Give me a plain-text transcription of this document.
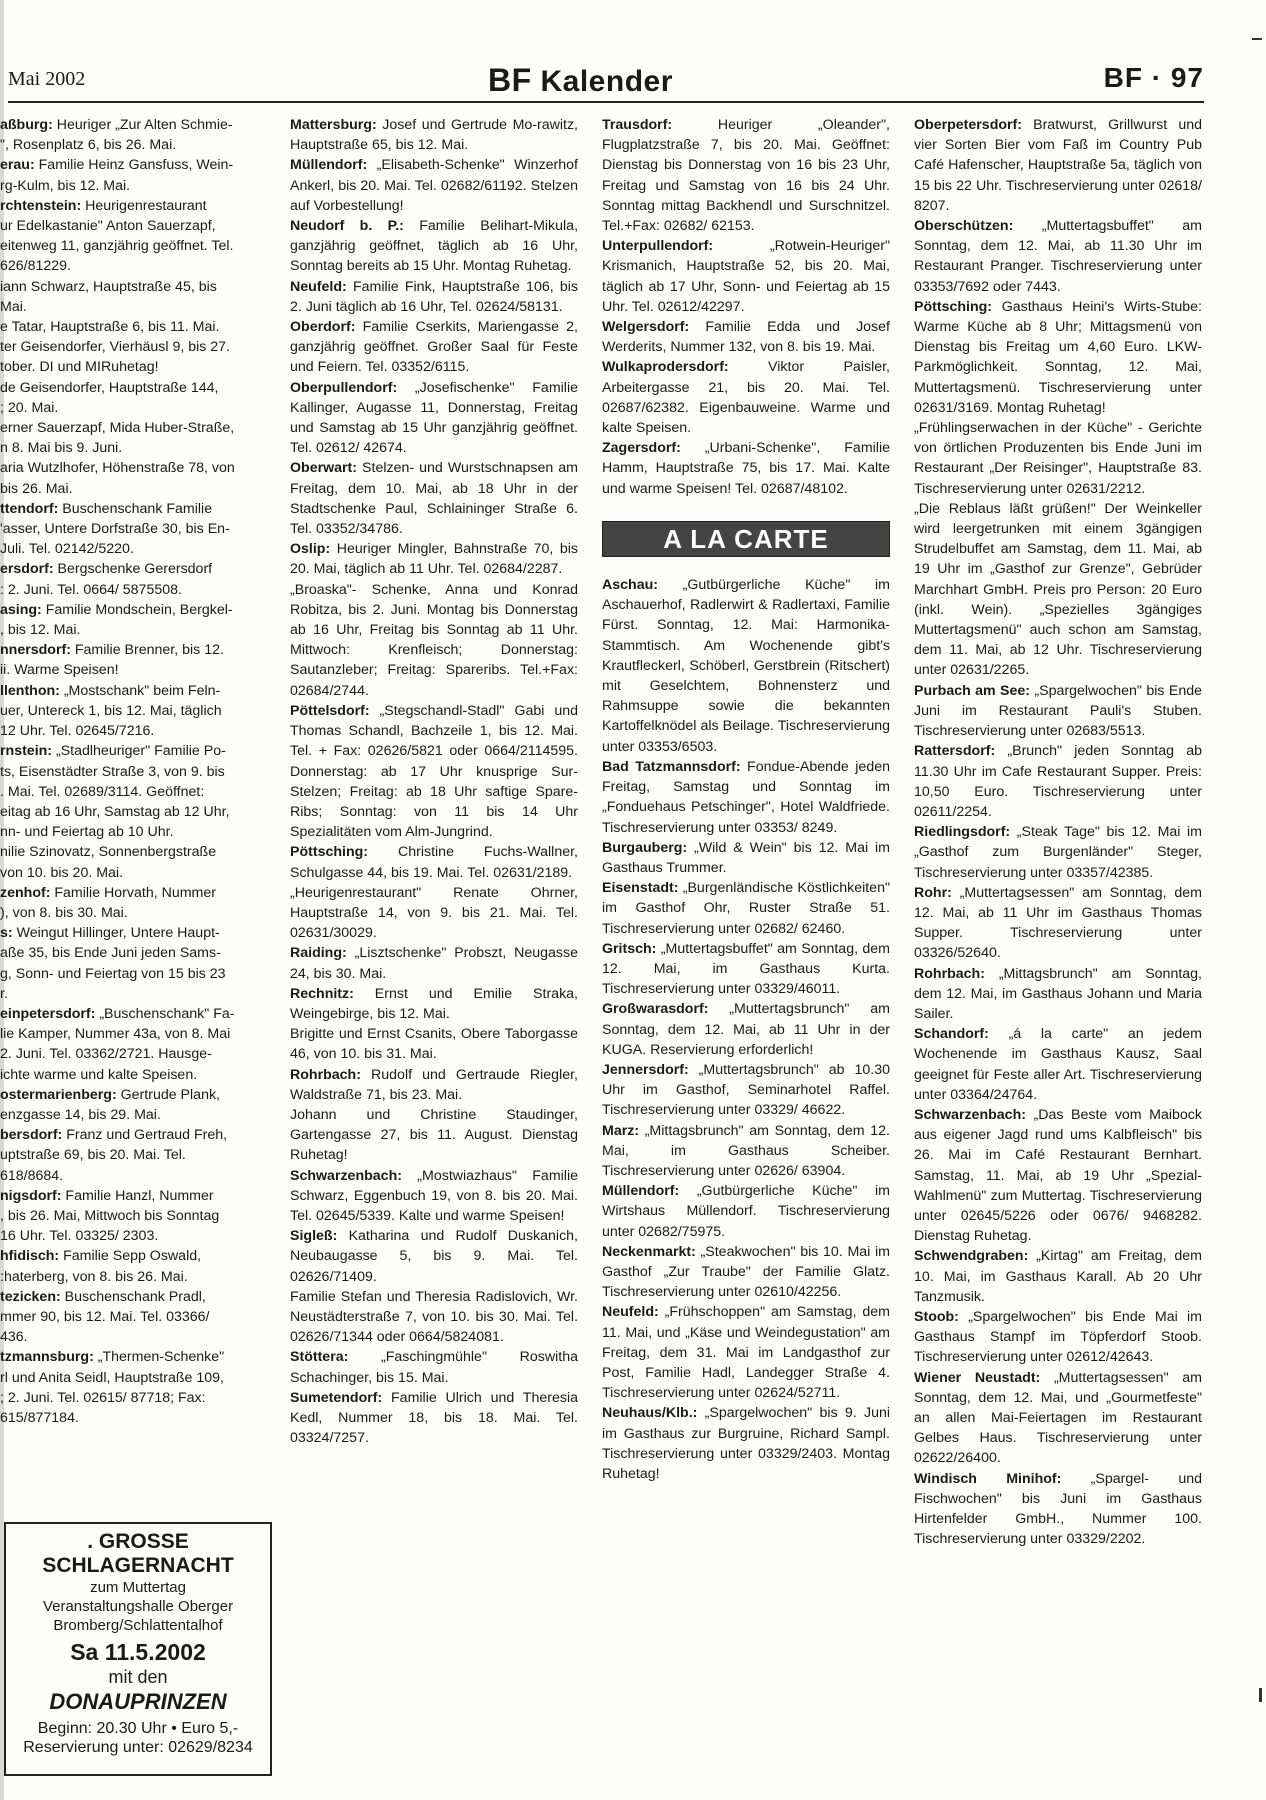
Mai 2002	BF Kalender	BF · 97

aßburg: Heuriger „Zur Alten Schmie-

", Rosenplatz 6, bis 26. Mai.

erau: Familie Heinz Gansfuss, Wein-

rg-Kulm, bis 12. Mai.

rchtenstein: Heurigenrestaurant

ur Edelkastanie" Anton Sauerzapf,

eitenweg 11, ganzjährig geöffnet. Tel.

626/81229.

iann Schwarz, Hauptstraße 45, bis

Mai.

e Tatar, Hauptstraße 6, bis 11. Mai.

ter Geisendorfer, Vierhäusl 9, bis 27.

tober. DI und MIRuhetag!

de Geisendorfer, Hauptstraße 144,

; 20. Mai.

erner Sauerzapf, Mida Huber-Straße,

n 8. Mai bis 9. Juni.

aria Wutzlhofer, Höhenstraße 78, von

bis 26. Mai.

ttendorf: Buschenschank Familie

'asser, Untere Dorfstraße 30, bis En-

Juli. Tel. 02142/5220.

ersdorf: Bergschenke Gerersdorf

: 2. Juni. Tel. 0664/ 5875508.

asing: Familie Mondschein, Bergkel-

, bis 12. Mai.

nnersdorf: Familie Brenner, bis 12.

ii. Warme Speisen!

llenthon: „Mostschank" beim Feln-

uer, Untereck 1, bis 12. Mai, täglich

12 Uhr. Tel. 02645/7216.

rnstein: „Stadlheuriger" Familie Po-

ts, Eisenstädter Straße 3, von 9. bis

. Mai. Tel. 02689/3114. Geöffnet:

eitag ab 16 Uhr, Samstag ab 12 Uhr,

nn- und Feiertag ab 10 Uhr.

nilie Szinovatz, Sonnenbergstraße

von 10. bis 20. Mai.

zenhof: Familie Horvath, Nummer

), von 8. bis 30. Mai.

s: Weingut Hillinger, Untere Haupt-

aße 35, bis Ende Juni jeden Sams-

g, Sonn- und Feiertag von 15 bis 23

r.

einpetersdorf: „Buschenschank" Fa-

lie Kamper, Nummer 43a, von 8. Mai

2. Juni. Tel. 03362/2721. Hausge-

ichte warme und kalte Speisen.

ostermarienberg: Gertrude Plank,

enzgasse 14, bis 29. Mai.

bersdorf: Franz und Gertraud Freh,

uptstraße 69, bis 20. Mai. Tel.

618/8684.

nigsdorf: Familie Hanzl, Nummer

, bis 26. Mai, Mittwoch bis Sonntag

16 Uhr. Tel. 03325/ 2303.

hfidisch: Familie Sepp Oswald,

:haterberg, von 8. bis 26. Mai.

tezicken: Buschenschank Pradl,

mmer 90, bis 12. Mai. Tel. 03366/

436.

tzmannsburg: „Thermen-Schenke"

rl und Anita Seidl, Hauptstraße 109,

; 2. Juni. Tel. 02615/ 87718; Fax:

615/877184.

. GROSSE SCHLAGERNACHT
zum Muttertag
Veranstaltungshalle Oberger
Bromberg/Schlattentalhof
Sa 11.5.2002
mit den
DONAUPRINZEN
Beginn: 20.30 Uhr • Euro 5,-
Reservierung unter: 02629/8234

Mattersburg: Josef und Gertrude Mo-rawitz, Hauptstraße 65, bis 12. Mai.

Müllendorf: „Elisabeth-Schenke" Winzerhof Ankerl, bis 20. Mai. Tel. 02682/61192. Stelzen auf Vorbestellung!

Neudorf b. P.: Familie Belihart-Mikula, ganzjährig geöffnet, täglich ab 16 Uhr, Sonntag bereits ab 15 Uhr. Montag Ruhetag.

Neufeld: Familie Fink, Hauptstraße 106, bis 2. Juni täglich ab 16 Uhr, Tel. 02624/58131.

Oberdorf: Familie Cserkits, Mariengasse 2, ganzjährig geöffnet. Großer Saal für Feste und Feiern. Tel. 03352/6115.

Oberpullendorf: „Josefischenke" Familie Kallinger, Augasse 11, Donnerstag, Freitag und Samstag ab 15 Uhr ganzjährig geöffnet. Tel. 02612/ 42674.

Oberwart: Stelzen- und Wurstschnapsen am Freitag, dem 10. Mai, ab 18 Uhr in der Stadtschenke Paul, Schlaininger Straße 6. Tel. 03352/34786.

Oslip: Heuriger Mingler, Bahnstraße 70, bis 20. Mai, täglich ab 11 Uhr. Tel. 02684/2287.

„Broaska"- Schenke, Anna und Konrad Robitza, bis 2. Juni. Montag bis Donnerstag ab 16 Uhr, Freitag bis Sonntag ab 11 Uhr. Mittwoch: Krenfleisch; Donnerstag: Sautanzleber; Freitag: Spareribs. Tel.+Fax: 02684/2744.

Pöttelsdorf: „Stegschandl-Stadl" Gabi und Thomas Schandl, Bachzeile 1, bis 12. Mai. Tel. + Fax: 02626/5821 oder 0664/2114595. Donnerstag: ab 17 Uhr knusprige Sur-Stelzen; Freitag: ab 18 Uhr saftige Spare-Ribs; Sonntag: von 11 bis 14 Uhr Spezialitäten vom Alm-Jungrind.

Pöttsching: Christine Fuchs-Wallner, Schulgasse 44, bis 19. Mai. Tel. 02631/2189.

„Heurigenrestaurant" Renate Ohrner, Hauptstraße 14, von 9. bis 21. Mai. Tel. 02631/30029.

Raiding: „Lisztschenke" Probszt, Neugasse 24, bis 30. Mai.

Rechnitz: Ernst und Emilie Straka, Weingebirge, bis 12. Mai.

Brigitte und Ernst Csanits, Obere Taborgasse 46, von 10. bis 31. Mai.

Rohrbach: Rudolf und Gertraude Riegler, Waldstraße 71, bis 23. Mai.

Johann und Christine Staudinger, Gartengasse 27, bis 11. August. Dienstag Ruhetag!

Schwarzenbach: „Mostwiazhaus" Familie Schwarz, Eggenbuch 19, von 8. bis 20. Mai. Tel. 02645/5339. Kalte und warme Speisen!

Sigleß: Katharina und Rudolf Duskanich, Neubaugasse 5, bis 9. Mai. Tel. 02626/71409.

Familie Stefan und Theresia Radislovich, Wr. Neustädterstraße 7, von 10. bis 30. Mai. Tel. 02626/71344 oder 0664/5824081.

Stöttera: „Faschingmühle" Roswitha Schachinger, bis 15. Mai.

Sumetendorf: Familie Ulrich und Theresia Kedl, Nummer 18, bis 18. Mai. Tel. 03324/7257.

Trausdorf: Heuriger „Oleander", Flugplatzstraße 7, bis 20. Mai. Geöffnet: Dienstag bis Donnerstag von 16 bis 23 Uhr, Freitag und Samstag von 16 bis 24 Uhr. Sonntag mittag Backhendl und Surschnitzel. Tel.+Fax: 02682/ 62153.

Unterpullendorf: „Rotwein-Heuriger" Krismanich, Hauptstraße 52, bis 20. Mai, täglich ab 17 Uhr, Sonn- und Feiertag ab 15 Uhr. Tel. 02612/42297.

Welgersdorf: Familie Edda und Josef Werderits, Nummer 132, von 8. bis 19. Mai.

Wulkaprodersdorf: Viktor Paisler, Arbeitergasse 21, bis 20. Mai. Tel. 02687/62382. Eigenbauweine. Warme und kalte Speisen.

Zagersdorf: „Urbani-Schenke", Familie Hamm, Hauptstraße 75, bis 17. Mai. Kalte und warme Speisen! Tel. 02687/48102.

A LA CARTE

Aschau: „Gutbürgerliche Küche" im Aschauerhof, Radlerwirt & Radlertaxi, Familie Fürst. Sonntag, 12. Mai: Harmonika-Stammtisch. Am Wochenende gibt's Krautfleckerl, Schöberl, Gerstbrein (Ritschert) mit Geselchtem, Bohnensterz und Rahmsuppe sowie die bekannten Kartoffelknödel als Beilage. Tischreservierung unter 03353/6503.

Bad Tatzmannsdorf: Fondue-Abende jeden Freitag, Samstag und Sonntag im „Fonduehaus Petschinger", Hotel Waldfriede. Tischreservierung unter 03353/ 8249.

Burgauberg: „Wild & Wein" bis 12. Mai im Gasthaus Trummer.

Eisenstadt: „Burgenländische Köstlichkeiten" im Gasthof Ohr, Ruster Straße 51. Tischreservierung unter 02682/ 62460.

Gritsch: „Muttertagsbuffet" am Sonntag, dem 12. Mai, im Gasthaus Kurta. Tischreservierung unter 03329/46011.

Großwarasdorf: „Muttertagsbrunch" am Sonntag, dem 12. Mai, ab 11 Uhr in der KUGA. Reservierung erforderlich!

Jennersdorf: „Muttertagsbrunch" ab 10.30 Uhr im Gasthof, Seminarhotel Raffel. Tischreservierung unter 03329/ 46622.

Marz: „Mittagsbrunch" am Sonntag, dem 12. Mai, im Gasthaus Scheiber. Tischreservierung unter 02626/ 63904.

Müllendorf: „Gutbürgerliche Küche" im Wirtshaus Müllendorf. Tischreservierung unter 02682/75975.

Neckenmarkt: „Steakwochen" bis 10. Mai im Gasthof „Zur Traube" der Familie Glatz. Tischreservierung unter 02610/42256.

Neufeld: „Frühschoppen" am Samstag, dem 11. Mai, und „Käse und Weindegustation" am Freitag, dem 31. Mai im Landgasthof zur Post, Familie Hadl, Landegger Straße 4. Tischreservierung unter 02624/52711.

Neuhaus/Klb.: „Spargelwochen" bis 9. Juni im Gasthaus zur Burgruine, Richard Sampl. Tischreservierung unter 03329/2403. Montag Ruhetag!

Oberpetersdorf: Bratwurst, Grillwurst und vier Sorten Bier vom Faß im Country Pub Café Hafenscher, Hauptstraße 5a, täglich von 15 bis 22 Uhr. Tischreservierung unter 02618/ 8207.

Oberschützen: „Muttertagsbuffet" am Sonntag, dem 12. Mai, ab 11.30 Uhr im Restaurant Pranger. Tischreservierung unter 03353/7692 oder 7443.

Pöttsching: Gasthaus Heini's Wirts-Stube: Warme Küche ab 8 Uhr; Mittagsmenü von Dienstag bis Freitag um 4,60 Euro. LKW-Parkmöglichkeit. Sonntag, 12. Mai, Muttertagsmenü. Tischreservierung unter 02631/3169. Montag Ruhetag!

„Frühlingserwachen in der Küche" - Gerichte von örtlichen Produzenten bis Ende Juni im Restaurant „Der Reisinger", Hauptstraße 83. Tischreservierung unter 02631/2212.

„Die Reblaus läßt grüßen!" Der Weinkeller wird leergetrunken mit einem 3gängigen Strudelbuffet am Samstag, dem 11. Mai, ab 19 Uhr im „Gasthof zur Grenze", Gebrüder Marchhart GmbH. Preis pro Person: 20 Euro (inkl. Wein). „Spezielles 3gängiges Muttertagsmenü" auch schon am Samstag, dem 11. Mai, ab 12 Uhr. Tischreservierung unter 02631/2265.

Purbach am See: „Spargelwochen" bis Ende Juni im Restaurant Pauli's Stuben. Tischreservierung unter 02683/5513.

Rattersdorf: „Brunch" jeden Sonntag ab 11.30 Uhr im Cafe Restaurant Supper. Preis: 10,50 Euro. Tischreservierung unter 02611/2254.

Riedlingsdorf: „Steak Tage" bis 12. Mai im „Gasthof zum Burgenländer" Steger, Tischreservierung unter 03357/42385.

Rohr: „Muttertagsessen" am Sonntag, dem 12. Mai, ab 11 Uhr im Gasthaus Thomas Supper. Tischreservierung unter 03326/52640.

Rohrbach: „Mittagsbrunch" am Sonntag, dem 12. Mai, im Gasthaus Johann und Maria Sailer.

Schandorf: „á la carte" an jedem Wochenende im Gasthaus Kausz, Saal geeignet für Feste aller Art. Tischreservierung unter 03364/24764.

Schwarzenbach: „Das Beste vom Maibock aus eigener Jagd rund ums Kalbfleisch" bis 26. Mai im Café Restaurant Bernhart. Samstag, 11. Mai, ab 19 Uhr „Spezial-Wahlmenü" zum Muttertag. Tischreservierung unter 02645/5226 oder 0676/ 9468282. Dienstag Ruhetag.

Schwendgraben: „Kirtag" am Freitag, dem 10. Mai, im Gasthaus Karall. Ab 20 Uhr Tanzmusik.

Stoob: „Spargelwochen" bis Ende Mai im Gasthaus Stampf im Töpferdorf Stoob. Tischreservierung unter 02612/42643.

Wiener Neustadt: „Muttertagsessen" am Sonntag, dem 12. Mai, und „Gourmetfeste" an allen Mai-Feiertagen im Restaurant Gelbes Haus. Tischreservierung unter 02622/26400.

Windisch Minihof: „Spargel- und Fischwochen" bis Juni im Gasthaus Hirtenfelder GmbH., Nummer 100. Tischreservierung unter 03329/2202.
